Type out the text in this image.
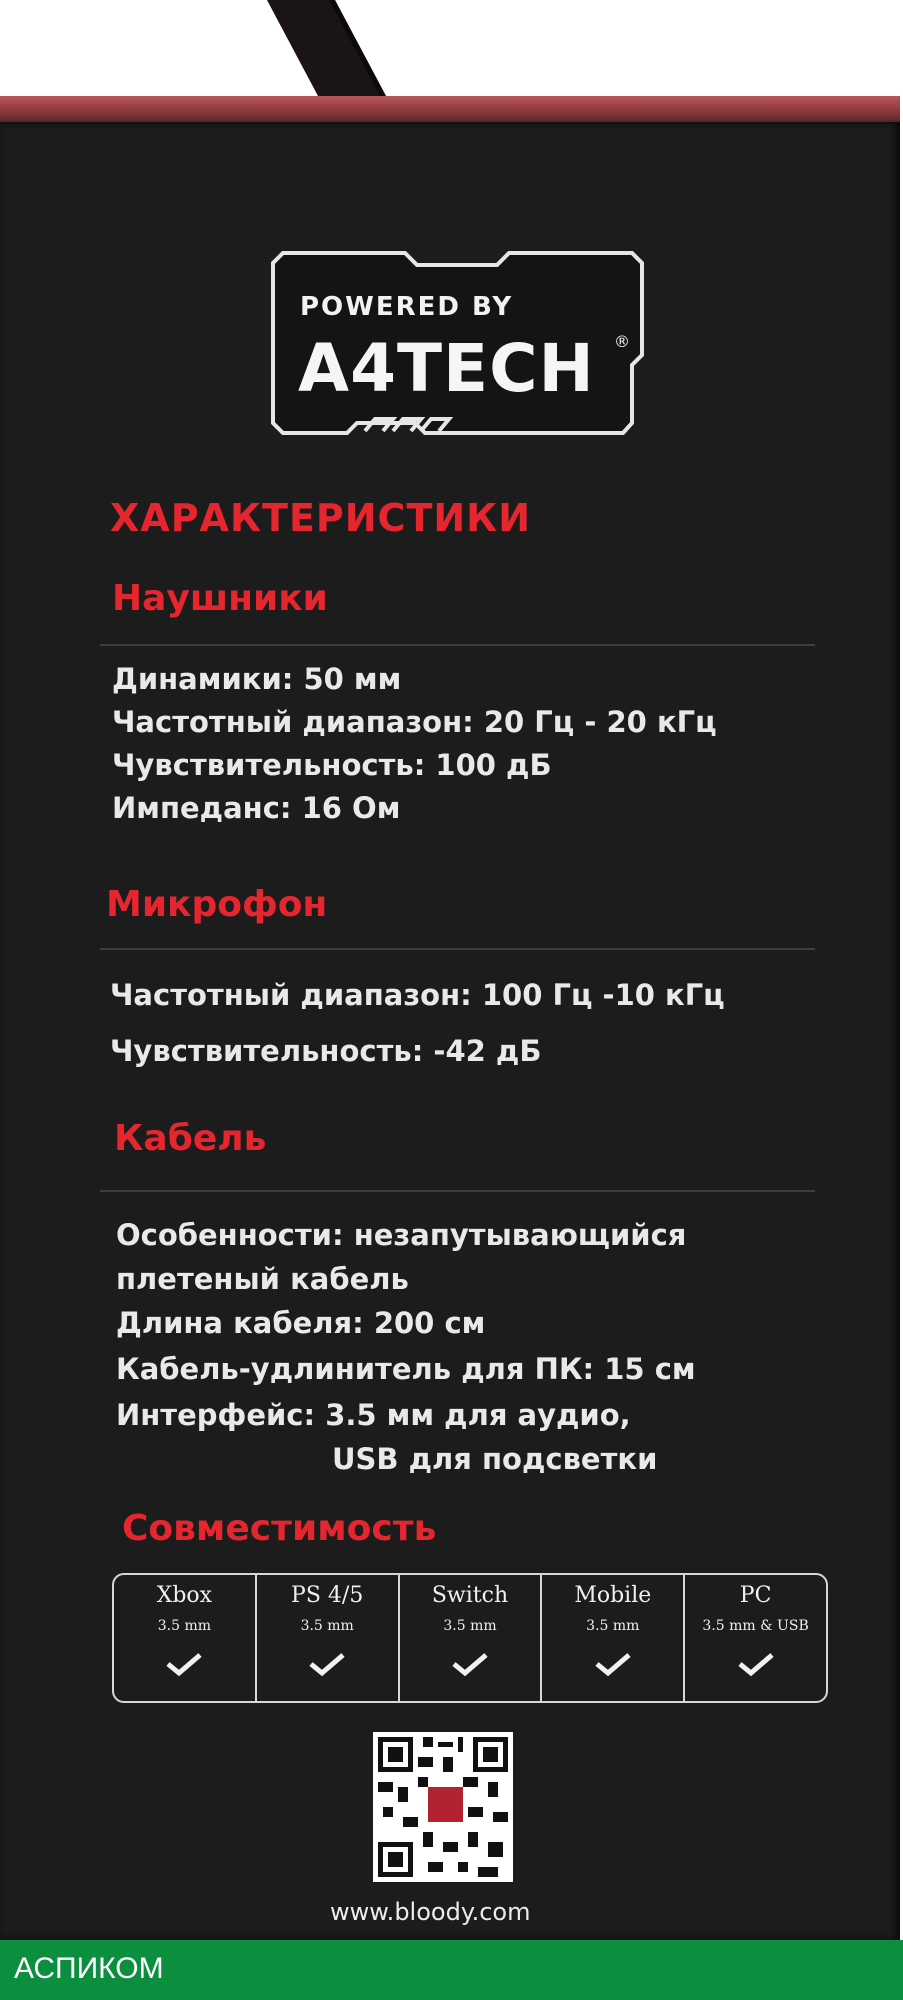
POWERED BY
A4TECH ®
ХАРАКТЕРИСТИКИ
Наушники
Динамики: 50 мм
Частотный диапазон: 20 Гц - 20 кГц
Чувствительность: 100 дБ
Импеданс: 16 Ом
Микрофон
Частотный диапазон: 100 Гц -10 кГц
Чувствительность: -42 дБ
Кабель
Особенности: незапутывающийся
плетеный кабель
Длина кабеля: 200 см
Кабель-удлинитель для ПК: 15 см
Интерфейс: 3.5 мм для аудио,
USB для подсветки
Совместимость
Xbox
3.5 mm
PS 4/5
3.5 mm
Switch
3.5 mm
Mobile
3.5 mm
PC
3.5 mm & USB
www.bloody.com
АСПИКОМ
